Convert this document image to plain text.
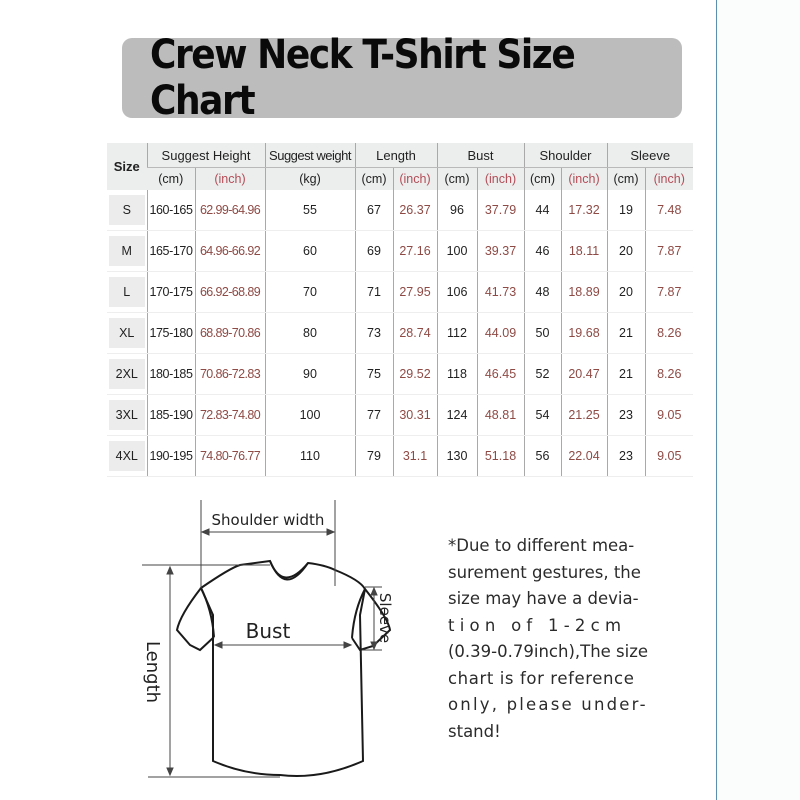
Crew Neck T-Shirt Size Chart
Size	Suggest Height		Suggest weight	Length		Bust		Shoulder		Sleeve	
	(cm)	(inch)	(kg)	(cm)	(inch)	(cm)	(inch)	(cm)	(inch)	(cm)	(inch)
S	160-165	62.99-64.96	55	67	26.37	96	37.79	44	17.32	19	7.48
M	165-170	64.96-66.92	60	69	27.16	100	39.37	46	18.11	20	7.87
L	170-175	66.92-68.89	70	71	27.95	106	41.73	48	18.89	20	7.87
XL	175-180	68.89-70.86	80	73	28.74	112	44.09	50	19.68	21	8.26
2XL	180-185	70.86-72.83	90	75	29.52	118	46.45	52	20.47	21	8.26
3XL	185-190	72.83-74.80	100	77	30.31	124	48.81	54	21.25	23	9.05
4XL	190-195	74.80-76.77	110	79	31.1	130	51.18	56	22.04	23	9.05
Shoulder width
Bust
Length
Sleeve
*Due to different mea-
surement gestures, the
size may have a devia-
t i o n   o f   1 - 2 c m
(0.39-0.79inch),The size
chart is for reference
only, please under-
stand!
